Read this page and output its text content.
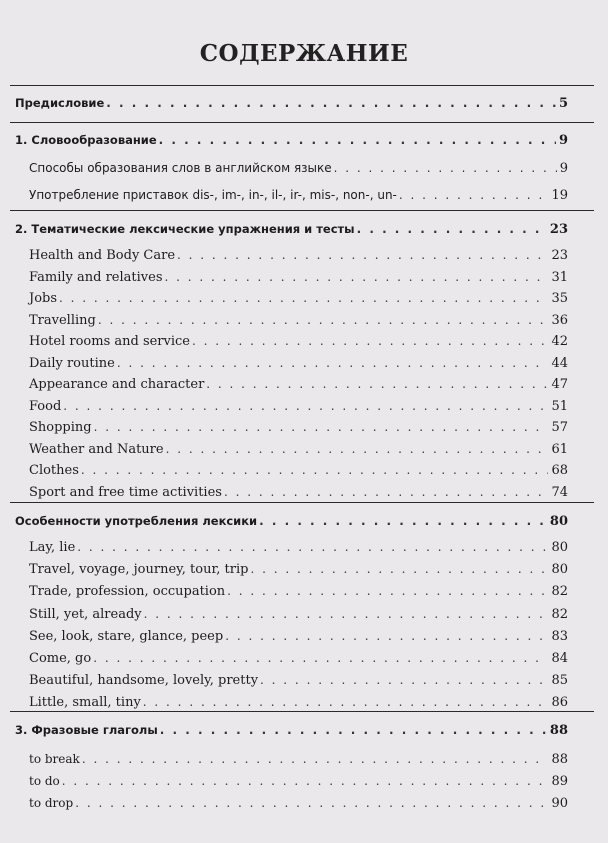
СОДЕРЖАНИЕ
Предисловие . . .	5
1. Словообразование . . .	9
Способы образования слов в английском языке . . .	9
Употребление приставок dis-, im-, in-, il-, ir-, mis-, non-, un- . . .	19
2. Тематические лексические упражнения и тесты . . .	23
Health and Body Care . . .	23
Family and relatives . . .	31
Jobs . . .	35
Travelling . . .	36
Hotel rooms and service . . .	42
Daily routine . . .	44
Appearance and character . . .	47
Food . . .	51
Shopping . . .	57
Weather and Nature . . .	61
Clothes . . .	68
Sport and free time activities . . .	74
Особенности употребления лексики . . .	80
Lay, lie . . .	80
Travel, voyage, journey, tour, trip . . .	80
Trade, profession, occupation . . .	82
Still, yet, already . . .	82
See, look, stare, glance, peep . . .	83
Come, go . . .	84
Beautiful, handsome, lovely, pretty . . .	85
Little, small, tiny . . .	86
3. Фразовые глаголы . . .	88
to break . . .	88
to do . . .	89
to drop . . .	90
